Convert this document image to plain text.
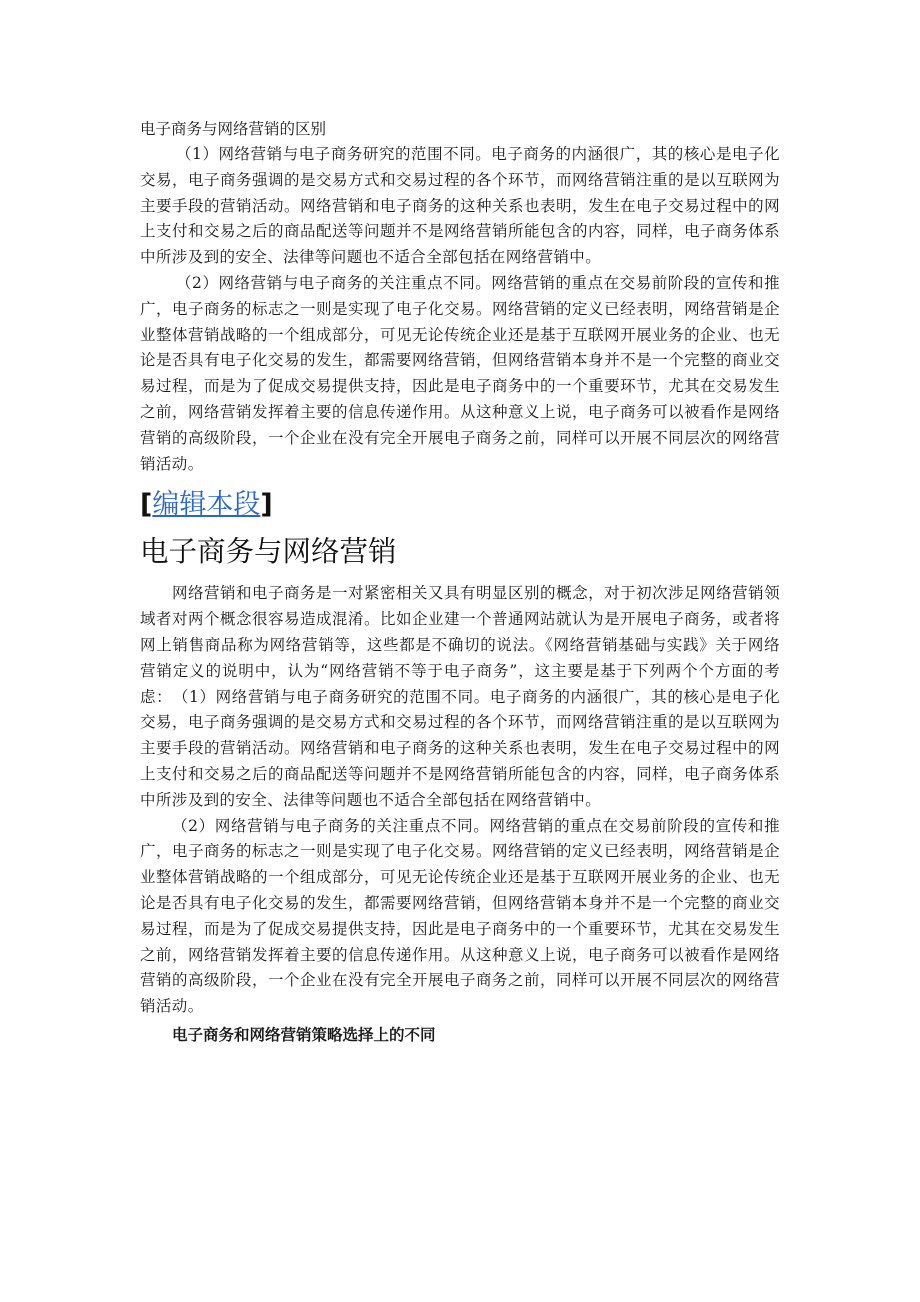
电子商务与网络营销的区别

（1）网络营销与电子商务研究的范围不同。电子商务的内涵很广，其的核心是电子化交易，电子商务强调的是交易方式和交易过程的各个环节，而网络营销注重的是以互联网为主要手段的营销活动。网络营销和电子商务的这种关系也表明，发生在电子交易过程中的网上支付和交易之后的商品配送等问题并不是网络营销所能包含的内容，同样，电子商务体系中所涉及到的安全、法律等问题也不适合全部包括在网络营销中。

（2）网络营销与电子商务的关注重点不同。网络营销的重点在交易前阶段的宣传和推广，电子商务的标志之一则是实现了电子化交易。网络营销的定义已经表明，网络营销是企业整体营销战略的一个组成部分，可见无论传统企业还是基于互联网开展业务的企业、也无论是否具有电子化交易的发生，都需要网络营销，但网络营销本身并不是一个完整的商业交易过程，而是为了促成交易提供支持，因此是电子商务中的一个重要环节，尤其在交易发生之前，网络营销发挥着主要的信息传递作用。从这种意义上说，电子商务可以被看作是网络营销的高级阶段，一个企业在没有完全开展电子商务之前，同样可以开展不同层次的网络营销活动。

[编辑本段]
电子商务与网络营销

网络营销和电子商务是一对紧密相关又具有明显区别的概念，对于初次涉足网络营销领域者对两个概念很容易造成混淆。比如企业建一个普通网站就认为是开展电子商务，或者将网上销售商品称为网络营销等，这些都是不确切的说法。《网络营销基础与实践》关于网络营销定义的说明中，认为“网络营销不等于电子商务”，这主要是基于下列两个个方面的考虑：　（1）网络营销与电子商务研究的范围不同。电子商务的内涵很广，其的核心是电子化交易，电子商务强调的是交易方式和交易过程的各个环节，而网络营销注重的是以互联网为主要手段的营销活动。网络营销和电子商务的这种关系也表明，发生在电子交易过程中的网上支付和交易之后的商品配送等问题并不是网络营销所能包含的内容，同样，电子商务体系中所涉及到的安全、法律等问题也不适合全部包括在网络营销中。

（2）网络营销与电子商务的关注重点不同。网络营销的重点在交易前阶段的宣传和推广，电子商务的标志之一则是实现了电子化交易。网络营销的定义已经表明，网络营销是企业整体营销战略的一个组成部分，可见无论传统企业还是基于互联网开展业务的企业、也无论是否具有电子化交易的发生，都需要网络营销，但网络营销本身并不是一个完整的商业交易过程，而是为了促成交易提供支持，因此是电子商务中的一个重要环节，尤其在交易发生之前，网络营销发挥着主要的信息传递作用。从这种意义上说，电子商务可以被看作是网络营销的高级阶段，一个企业在没有完全开展电子商务之前，同样可以开展不同层次的网络营销活动。

电子商务和网络营销策略选择上的不同
